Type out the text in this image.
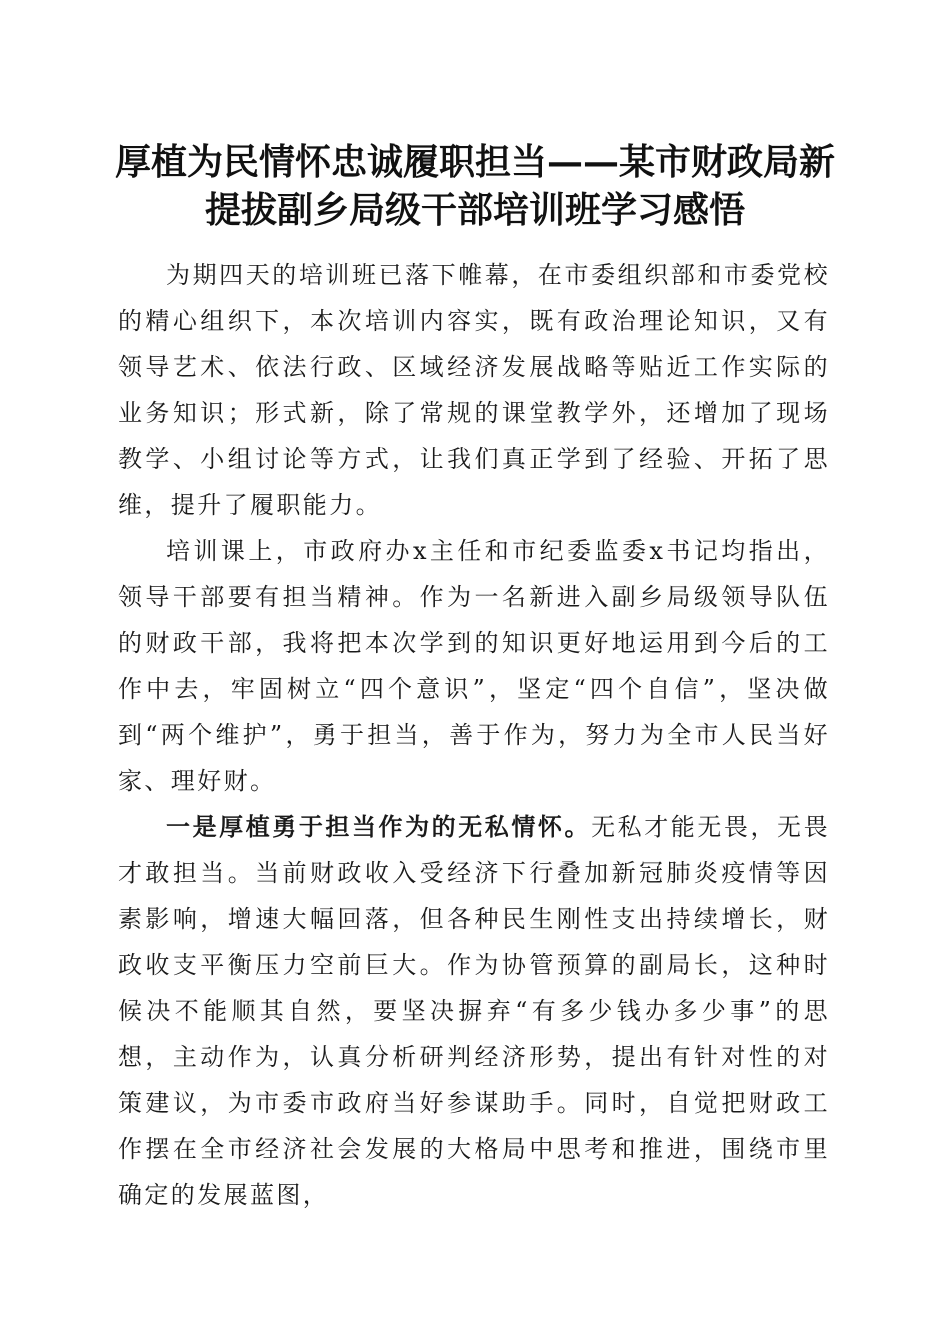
厚植为民情怀忠诚履职担当——某市财政局新
提拔副乡局级干部培训班学习感悟

为期四天的培训班已落下帷幕，在市委组织部和市委党校的精心组织下，本次培训内容实，既有政治理论知识，又有领导艺术、依法行政、区域经济发展战略等贴近工作实际的业务知识；形式新，除了常规的课堂教学外，还增加了现场教学、小组讨论等方式，让我们真正学到了经验、开拓了思维，提升了履职能力。

培训课上，市政府办x主任和市纪委监委x书记均指出，领导干部要有担当精神。作为一名新进入副乡局级领导队伍的财政干部，我将把本次学到的知识更好地运用到今后的工作中去，牢固树立“四个意识”，坚定“四个自信”，坚决做到“两个维护”，勇于担当，善于作为，努力为全市人民当好家、理好财。

一是厚植勇于担当作为的无私情怀。无私才能无畏，无畏才敢担当。当前财政收入受经济下行叠加新冠肺炎疫情等因素影响，增速大幅回落，但各种民生刚性支出持续增长，财政收支平衡压力空前巨大。作为协管预算的副局长，这种时候决不能顺其自然，要坚决摒弃“有多少钱办多少事”的思想，主动作为，认真分析研判经济形势，提出有针对性的对策建议，为市委市政府当好参谋助手。同时，自觉把财政工作摆在全市经济社会发展的大格局中思考和推进，围绕市里确定的发展蓝图，
